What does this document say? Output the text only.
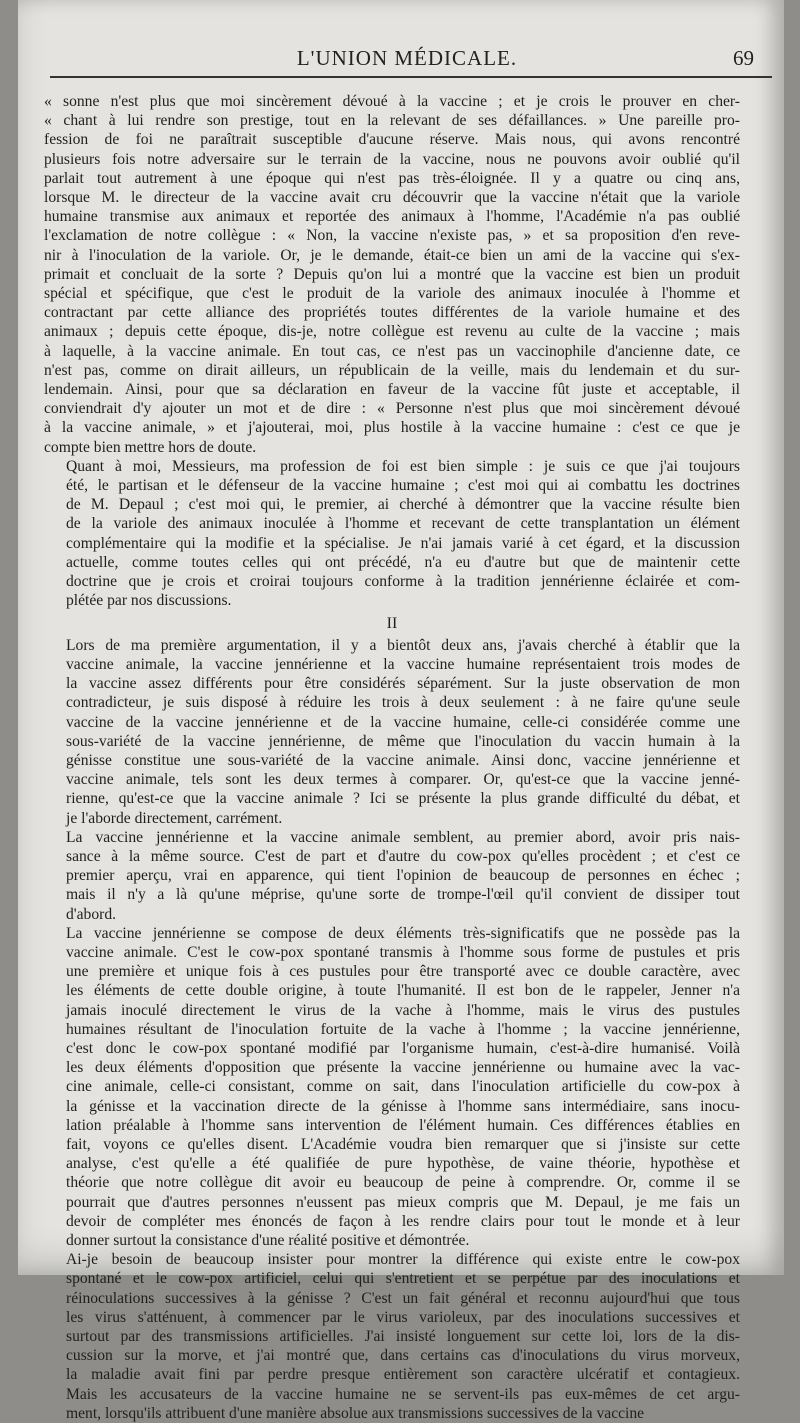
L'UNION MÉDICALE.	69
« sonne n'est plus que moi sincèrement dévoué à la vaccine ; et je crois le prouver en cher-
« chant à lui rendre son prestige, tout en la relevant de ses défaillances. » Une pareille pro-
fession de foi ne paraîtrait susceptible d'aucune réserve. Mais nous, qui avons rencontré
plusieurs fois notre adversaire sur le terrain de la vaccine, nous ne pouvons avoir oublié qu'il
parlait tout autrement à une époque qui n'est pas très-éloignée. Il y a quatre ou cinq ans,
lorsque M. le directeur de la vaccine avait cru découvrir que la vaccine n'était que la variole
humaine transmise aux animaux et reportée des animaux à l'homme, l'Académie n'a pas oublié
l'exclamation de notre collègue : « Non, la vaccine n'existe pas, » et sa proposition d'en reve-
nir à l'inoculation de la variole. Or, je le demande, était-ce bien un ami de la vaccine qui s'ex-
primait et concluait de la sorte ? Depuis qu'on lui a montré que la vaccine est bien un produit
spécial et spécifique, que c'est le produit de la variole des animaux inoculée à l'homme et
contractant par cette alliance des propriétés toutes différentes de la variole humaine et des
animaux ; depuis cette époque, dis-je, notre collègue est revenu au culte de la vaccine ; mais
à laquelle, à la vaccine animale. En tout cas, ce n'est pas un vaccinophile d'ancienne date, ce
n'est pas, comme on dirait ailleurs, un républicain de la veille, mais du lendemain et du sur-
lendemain. Ainsi, pour que sa déclaration en faveur de la vaccine fût juste et acceptable, il
conviendrait d'y ajouter un mot et de dire : « Personne n'est plus que moi sincèrement dévoué
à la vaccine animale, » et j'ajouterai, moi, plus hostile à la vaccine humaine : c'est ce que je
compte bien mettre hors de doute.
Quant à moi, Messieurs, ma profession de foi est bien simple : je suis ce que j'ai toujours
été, le partisan et le défenseur de la vaccine humaine ; c'est moi qui ai combattu les doctrines
de M. Depaul ; c'est moi qui, le premier, ai cherché à démontrer que la vaccine résulte bien
de la variole des animaux inoculée à l'homme et recevant de cette transplantation un élément
complémentaire qui la modifie et la spécialise. Je n'ai jamais varié à cet égard, et la discussion
actuelle, comme toutes celles qui ont précédé, n'a eu d'autre but que de maintenir cette
doctrine que je crois et croirai toujours conforme à la tradition jennérienne éclairée et com-
plétée par nos discussions.
II
Lors de ma première argumentation, il y a bientôt deux ans, j'avais cherché à établir que la
vaccine animale, la vaccine jennérienne et la vaccine humaine représentaient trois modes de
la vaccine assez différents pour être considérés séparément. Sur la juste observation de mon
contradicteur, je suis disposé à réduire les trois à deux seulement : à ne faire qu'une seule
vaccine de la vaccine jennérienne et de la vaccine humaine, celle-ci considérée comme une
sous-variété de la vaccine jennérienne, de même que l'inoculation du vaccin humain à la
génisse constitue une sous-variété de la vaccine animale. Ainsi donc, vaccine jennérienne et
vaccine animale, tels sont les deux termes à comparer. Or, qu'est-ce que la vaccine jenné-
rienne, qu'est-ce que la vaccine animale ? Ici se présente la plus grande difficulté du débat, et
je l'aborde directement, carrément.
La vaccine jennérienne et la vaccine animale semblent, au premier abord, avoir pris nais-
sance à la même source. C'est de part et d'autre du cow-pox qu'elles procèdent ; et c'est ce
premier aperçu, vrai en apparence, qui tient l'opinion de beaucoup de personnes en échec ;
mais il n'y a là qu'une méprise, qu'une sorte de trompe-l'œil qu'il convient de dissiper tout
d'abord.
La vaccine jennérienne se compose de deux éléments très-significatifs que ne possède pas la
vaccine animale. C'est le cow-pox spontané transmis à l'homme sous forme de pustules et pris
une première et unique fois à ces pustules pour être transporté avec ce double caractère, avec
les éléments de cette double origine, à toute l'humanité. Il est bon de le rappeler, Jenner n'a
jamais inoculé directement le virus de la vache à l'homme, mais le virus des pustules
humaines résultant de l'inoculation fortuite de la vache à l'homme ; la vaccine jennérienne,
c'est donc le cow-pox spontané modifié par l'organisme humain, c'est-à-dire humanisé. Voilà
les deux éléments d'opposition que présente la vaccine jennérienne ou humaine avec la vac-
cine animale, celle-ci consistant, comme on sait, dans l'inoculation artificielle du cow-pox à
la génisse et la vaccination directe de la génisse à l'homme sans intermédiaire, sans inocu-
lation préalable à l'homme sans intervention de l'élément humain. Ces différences établies en
fait, voyons ce qu'elles disent. L'Académie voudra bien remarquer que si j'insiste sur cette
analyse, c'est qu'elle a été qualifiée de pure hypothèse, de vaine théorie, hypothèse et
théorie que notre collègue dit avoir eu beaucoup de peine à comprendre. Or, comme il se
pourrait que d'autres personnes n'eussent pas mieux compris que M. Depaul, je me fais un
devoir de compléter mes énoncés de façon à les rendre clairs pour tout le monde et à leur
donner surtout la consistance d'une réalité positive et démontrée.
Ai-je besoin de beaucoup insister pour montrer la différence qui existe entre le cow-pox
spontané et le cow-pox artificiel, celui qui s'entretient et se perpétue par des inoculations et
réinoculations successives à la génisse ? C'est un fait général et reconnu aujourd'hui que tous
les virus s'atténuent, à commencer par le virus varioleux, par des inoculations successives et
surtout par des transmissions artificielles. J'ai insisté longuement sur cette loi, lors de la dis-
cussion sur la morve, et j'ai montré que, dans certains cas d'inoculations du virus morveux,
la maladie avait fini par perdre presque entièrement son caractère ulcératif et contagieux.
Mais les accusateurs de la vaccine humaine ne se servent-ils pas eux-mêmes de cet argu-
ment, lorsqu'ils attribuent d'une manière absolue aux transmissions successives de la vaccine
